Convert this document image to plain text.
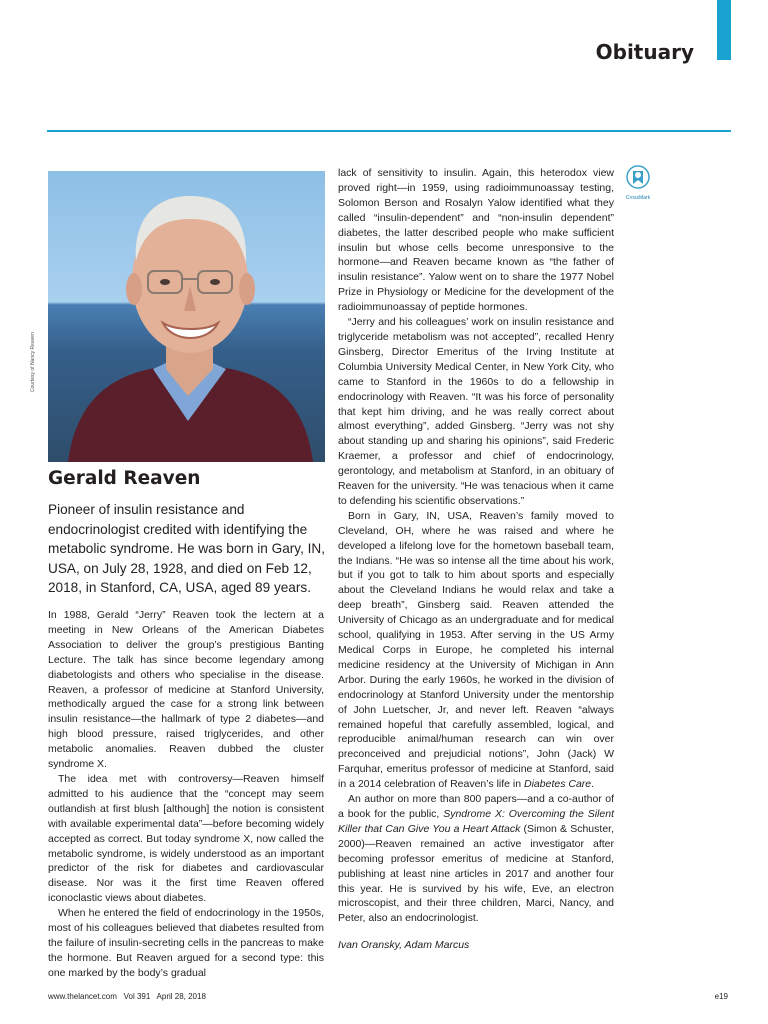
Obituary
Courtesy of Nancy Reaven
Gerald Reaven
Pioneer of insulin resistance and endocrinologist credited with identifying the metabolic syndrome. He was born in Gary, IN, USA, on July 28, 1928, and died on Feb 12, 2018, in Stanford, CA, USA, aged 89 years.

In 1988, Gerald “Jerry” Reaven took the lectern at a meeting in New Orleans of the American Diabetes Association to deliver the group’s prestigious Banting Lecture. The talk has since become legendary among diabetologists and others who specialise in the disease. Reaven, a professor of medicine at Stanford University, methodically argued the case for a strong link between insulin resistance—the hallmark of type 2 diabetes—and high blood pressure, raised triglycerides, and other metabolic anomalies. Reaven dubbed the cluster syndrome X.

The idea met with controversy—Reaven himself admitted to his audience that the “concept may seem outlandish at first blush [although] the notion is consistent with available experimental data”—before becoming widely accepted as correct. But today syndrome X, now called the metabolic syndrome, is widely understood as an important predictor of the risk for diabetes and cardiovascular disease. Nor was it the first time Reaven offered iconoclastic views about diabetes.

When he entered the field of endocrinology in the 1950s, most of his colleagues believed that diabetes resulted from the failure of insulin-secreting cells in the pancreas to make the hormone. But Reaven argued for a second type: this one marked by the body’s gradual

lack of sensitivity to insulin. Again, this heterodox view proved right—in 1959, using radioimmunoassay testing, Solomon Berson and Rosalyn Yalow identified what they called “insulin-dependent” and “non-insulin dependent” diabetes, the latter described people who make sufficient insulin but whose cells become unresponsive to the hormone—and Reaven became known as “the father of insulin resistance”. Yalow went on to share the 1977 Nobel Prize in Physiology or Medicine for the development of the radioimmunoassay of peptide hormones.

“Jerry and his colleagues’ work on insulin resistance and triglyceride metabolism was not accepted”, recalled Henry Ginsberg, Director Emeritus of the Irving Institute at Columbia University Medical Center, in New York City, who came to Stanford in the 1960s to do a fellowship in endocrinology with Reaven. “It was his force of personality that kept him driving, and he was really correct about almost everything”, added Ginsberg. “Jerry was not shy about standing up and sharing his opinions”, said Frederic Kraemer, a professor and chief of endocrinology, gerontology, and metabolism at Stanford, in an obituary of Reaven for the university. “He was tenacious when it came to defending his scientific observations.”

Born in Gary, IN, USA, Reaven’s family moved to Cleveland, OH, where he was raised and where he developed a lifelong love for the hometown baseball team, the Indians. “He was so intense all the time about his work, but if you got to talk to him about sports and especially about the Cleveland Indians he would relax and take a deep breath”, Ginsberg said. Reaven attended the University of Chicago as an undergraduate and for medical school, qualifying in 1953. After serving in the US Army Medical Corps in Europe, he completed his internal medicine residency at the University of Michigan in Ann Arbor. During the early 1960s, he worked in the division of endocrinology at Stanford University under the mentorship of John Luetscher, Jr, and never left. Reaven “always remained hopeful that carefully assembled, logical, and reproducible animal/human research can win over preconceived and prejudicial notions”, John (Jack) W Farquhar, emeritus professor of medicine at Stanford, said in a 2014 celebration of Reaven’s life in Diabetes Care.

An author on more than 800 papers—and a co-author of a book for the public, Syndrome X: Overcoming the Silent Killer that Can Give You a Heart Attack (Simon & Schuster, 2000)—Reaven remained an active investigator after becoming professor emeritus of medicine at Stanford, publishing at least nine articles in 2017 and another four this year. He is survived by his wife, Eve, an electron microscopist, and their three children, Marci, Nancy, and Peter, also an endocrinologist.

Ivan Oransky, Adam Marcus

CrossMark
www.thelancet.com Vol 391 April 28, 2018	e19
